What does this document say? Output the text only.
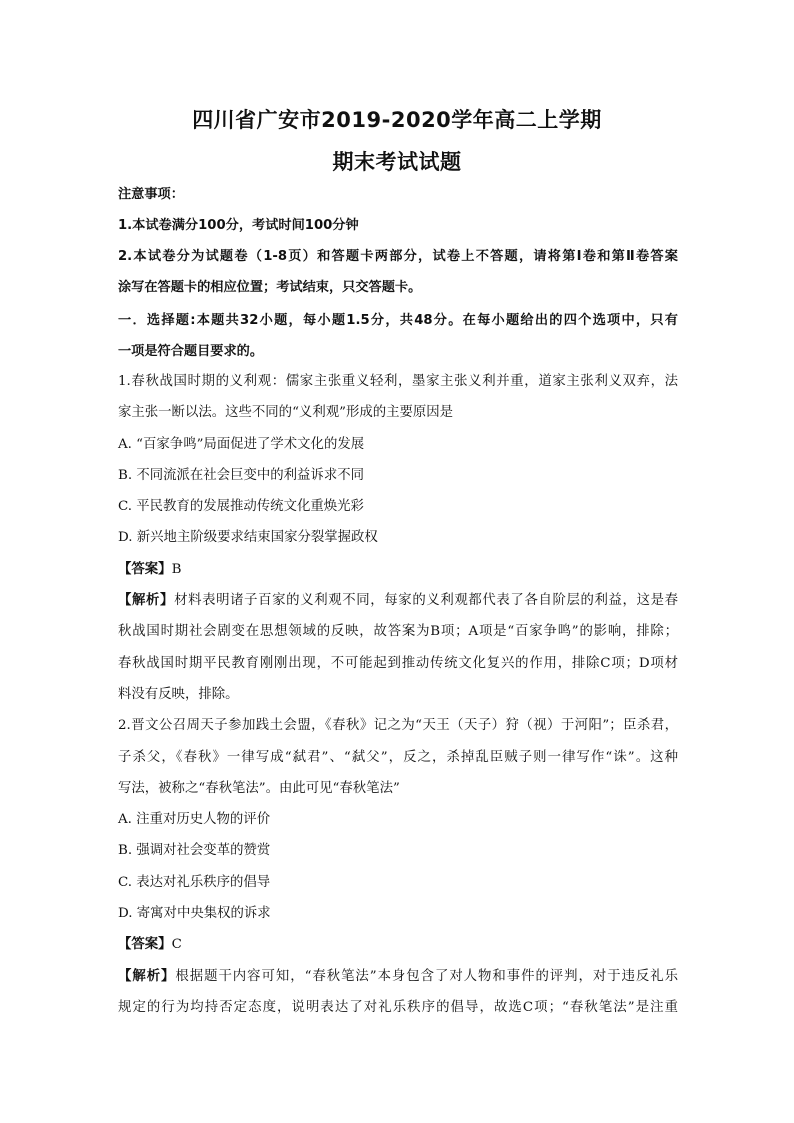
四川省广安市2019-2020学年高二上学期
期末考试试题
注意事项：
1.本试卷满分100分，考试时间100分钟
2.本试卷分为试题卷（1-8页）和答题卡两部分，试卷上不答题，请将第Ⅰ卷和第Ⅱ卷答案
涂写在答题卡的相应位置；考试结束，只交答题卡。
一．选择题:本题共32小题，每小题1.5分，共48分。在每小题给出的四个选项中，只有
一项是符合题目要求的。
1.春秋战国时期的义利观：儒家主张重义轻利，墨家主张义利并重，道家主张利义双弃，法
家主张一断以法。这些不同的“义利观”形成的主要原因是
A. “百家争鸣”局面促进了学术文化的发展
B. 不同流派在社会巨变中的利益诉求不同
C. 平民教育的发展推动传统文化重焕光彩
D. 新兴地主阶级要求结束国家分裂掌握政权
【答案】B
【解析】材料表明诸子百家的义利观不同，每家的义利观都代表了各自阶层的利益，这是春
秋战国时期社会剧变在思想领域的反映，故答案为B项；A项是“百家争鸣”的影响，排除；
春秋战国时期平民教育刚刚出现，不可能起到推动传统文化复兴的作用，排除C项；D项材
料没有反映，排除。
2.晋文公召周天子参加践土会盟，《春秋》记之为“天王（天子）狩（视）于河阳”；臣杀君，
子杀父，《春秋》一律写成“弑君”、“弑父”，反之，杀掉乱臣贼子则一律写作“诛”。这种
写法，被称之“春秋笔法”。由此可见“春秋笔法”
A. 注重对历史人物的评价
B. 强调对社会变革的赞赏
C. 表达对礼乐秩序的倡导
D. 寄寓对中央集权的诉求
【答案】C
【解析】根据题干内容可知，“春秋笔法”本身包含了对人物和事件的评判，对于违反礼乐
规定的行为均持否定态度，说明表达了对礼乐秩序的倡导，故选C项；“春秋笔法”是注重
